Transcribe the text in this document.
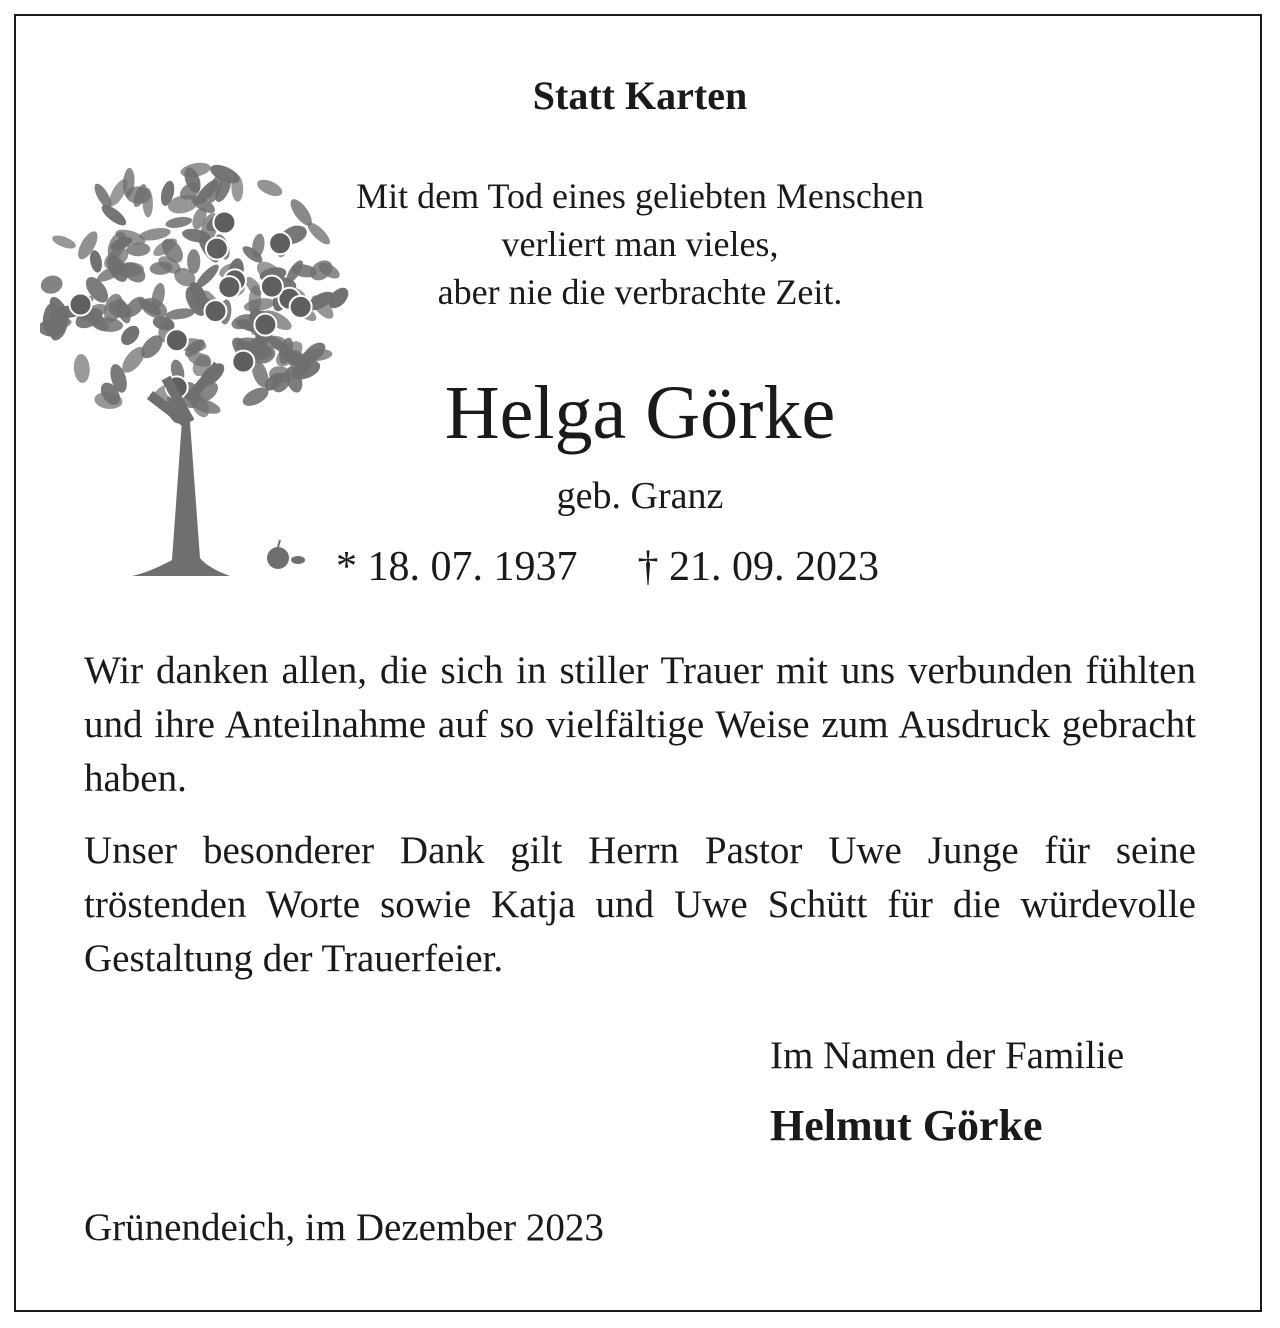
Statt Karten
Mit dem Tod eines geliebten Menschen
verliert man vieles,
aber nie die verbrachte Zeit.
Helga Görke
geb. Granz
* 18. 07. 1937 † 21. 09. 2023
Wir danken allen, die sich in stiller Trauer mit uns verbunden fühlten und ihre Anteilnahme auf so vielfältige Weise zum Ausdruck gebracht haben.
Unser besonderer Dank gilt Herrn Pastor Uwe Junge für seine tröstenden Worte sowie Katja und Uwe Schütt für die würdevolle Gestaltung der Trauerfeier.
Im Namen der Familie
Helmut Görke
Grünendeich, im Dezember 2023
